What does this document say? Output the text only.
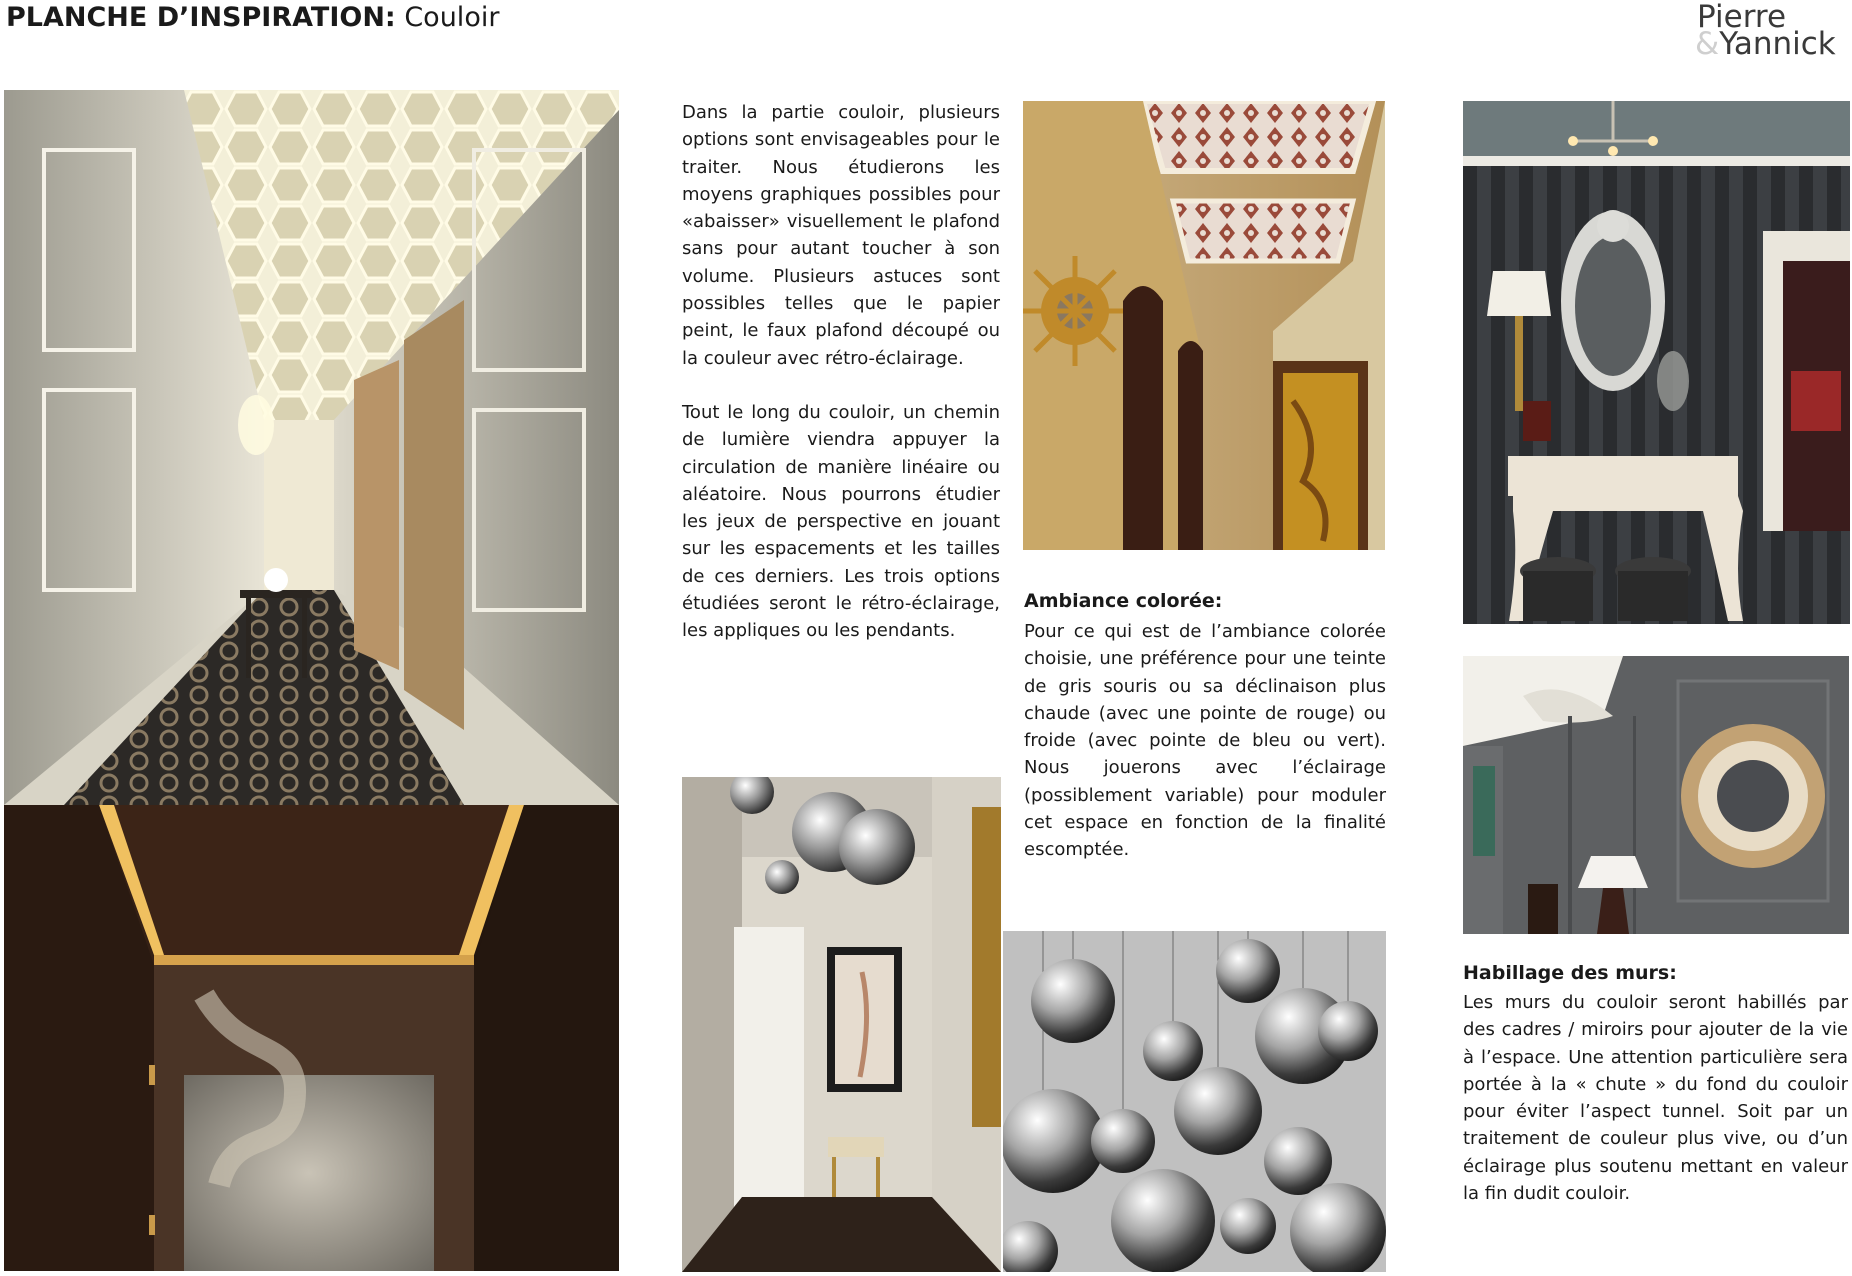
PLANCHE D’INSPIRATION: Couloir	Pierre
&Yannick

Dans la partie couloir, plusieurs options sont envisageables pour le traiter. Nous étudierons les moyens graphiques possibles pour «abaisser» visuellement le plafond sans pour autant toucher à son volume. Plusieurs astuces sont possibles telles que le papier peint, le faux plafond découpé ou la couleur avec rétro-éclairage.

Tout le long du couloir, un chemin de lumière viendra appuyer la circulation de manière linéaire ou aléatoire. Nous pourrons étudier les jeux de perspective en jouant sur les espacements et les tailles de ces derniers. Les trois options étudiées seront le rétro-éclairage, les appliques ou les pendants.

Ambiance colorée:

Pour ce qui est de l’ambiance colorée choisie, une préférence pour une teinte de gris souris ou sa déclinaison plus chaude (avec une pointe de rouge) ou froide (avec pointe de bleu ou vert). Nous jouerons avec l’éclairage (possiblement variable) pour moduler cet espace en fonction de la finalité escomptée.

Habillage des murs:

Les murs du couloir seront habillés par des cadres / miroirs pour ajouter de la vie à l’espace. Une attention particulière sera portée à la « chute » du fond du couloir pour éviter l’aspect tunnel. Soit par un traitement de couleur plus vive, ou d’un éclairage plus soutenu mettant en valeur la fin dudit couloir.
